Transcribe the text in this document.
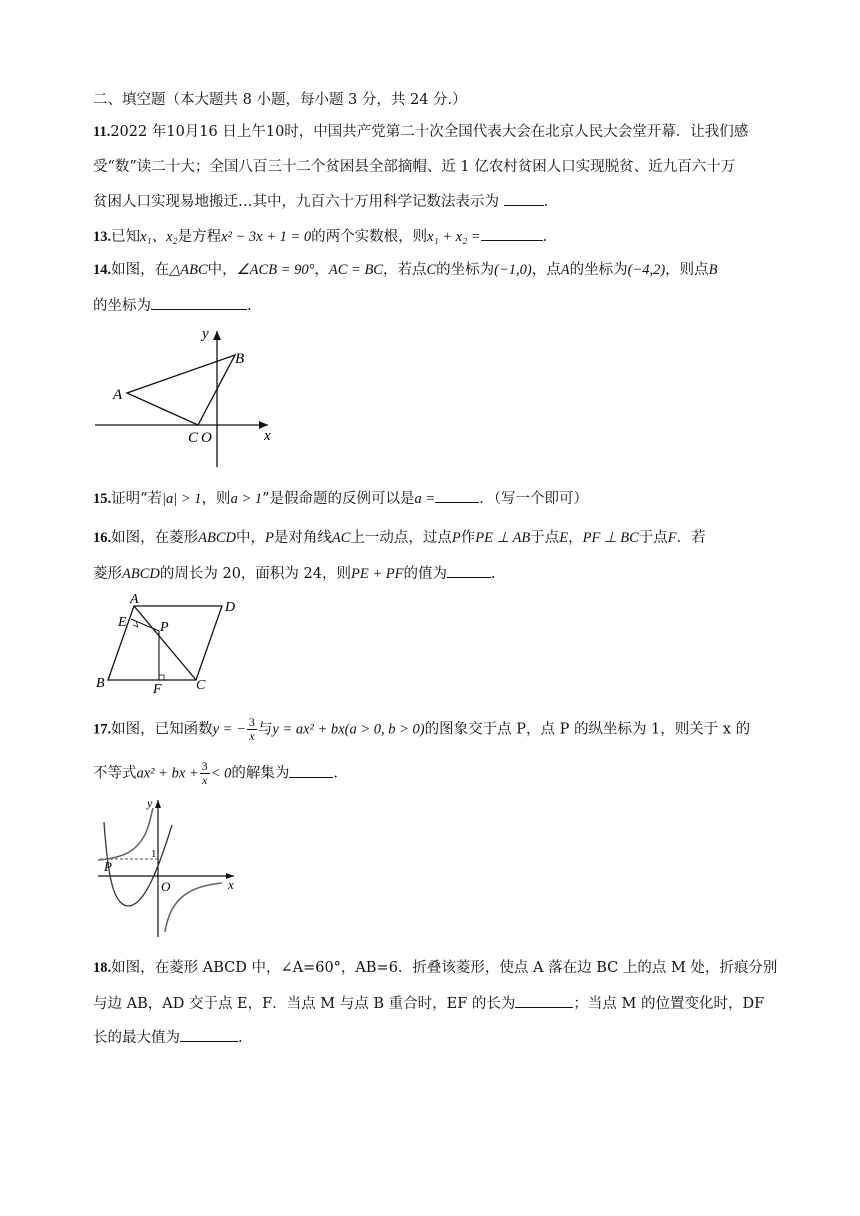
二、填空题（本大题共 8 小题，每小题 3 分，共 24 分.）
11.2022 年10月16 日上午10时，中国共产党第二十次全国代表大会在北京人民大会堂开幕．让我们感
受“数”读二十大；全国八百三十二个贫困县全部摘帽、近 1 亿农村贫困人口实现脱贫、近九百六十万
贫困人口实现易地搬迁…其中，九百六十万用科学记数法表示为	.
13.已知x₁、x₂是方程x² − 3x + 1 = 0的两个实数根，则x₁ + x₂ =	.
14.如图，在△ABC中，∠ACB = 90°，AC = BC，若点C的坐标为(−1,0)，点A的坐标为(−4,2)，则点B
的坐标为	.
y
x
A
B
C O
15.证明“若|a| > 1，则a > 1”是假命题的反例可以是a =	．（写一个即可）
16.如图，在菱形ABCD中，P是对角线AC上一动点，过点P作PE ⊥ AB于点E，PF ⊥ BC于点F．若
菱形ABCD的周长为 20，面积为 24，则PE + PF的值为	.
A
D
E P
B	C
F
17.如图，已知函数y = − $\frac{3}{x}$ 与y = ax² + bx(a > 0, b > 0)的图象交于点 P，点 P 的纵坐标为 1，则关于 x 的
不等式ax² + bx + $\frac{3}{x} < 0$的解集为	.
y
x
P
O
1
18.如图，在菱形 ABCD 中，∠A=60°，AB=6．折叠该菱形，使点 A 落在边 BC 上的点 M 处，折痕分别
与边 AB，AD 交于点 E，F．当点 M 与点 B 重合时，EF 的长为	；当点 M 的位置变化时，DF
长的最大值为	.
